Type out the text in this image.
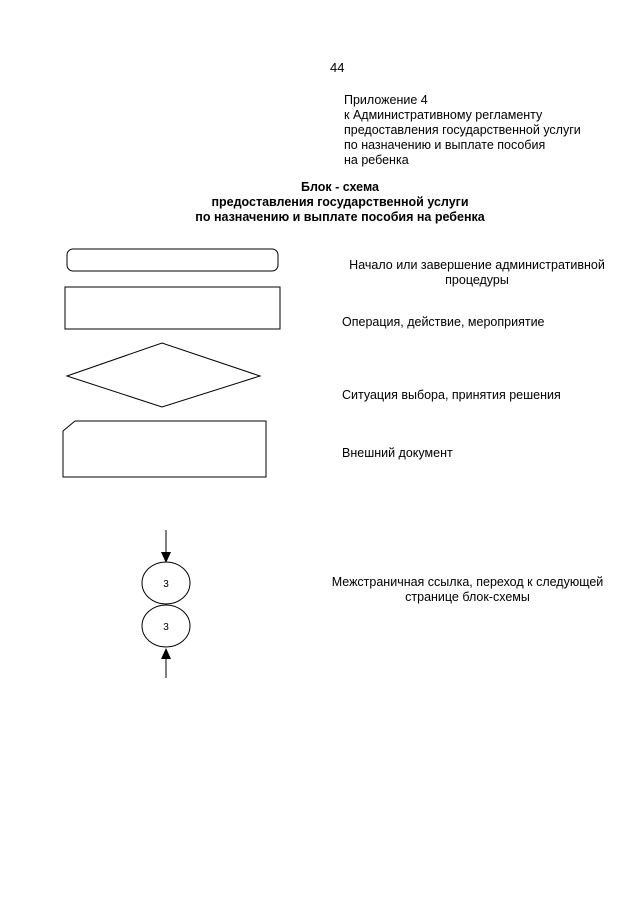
44
Приложение 4
к Административному регламенту
предоставления государственной услуги
по назначению и выплате пособия
на ребенка
Блок - схема
предоставления государственной услуги
по назначению и выплате пособия на ребенка
3
3
Начало или завершение административной
процедуры
Операция, действие, мероприятие
Ситуация выбора, принятия решения
Внешний документ
Межстраничная ссылка, переход к следующей
странице блок-схемы
